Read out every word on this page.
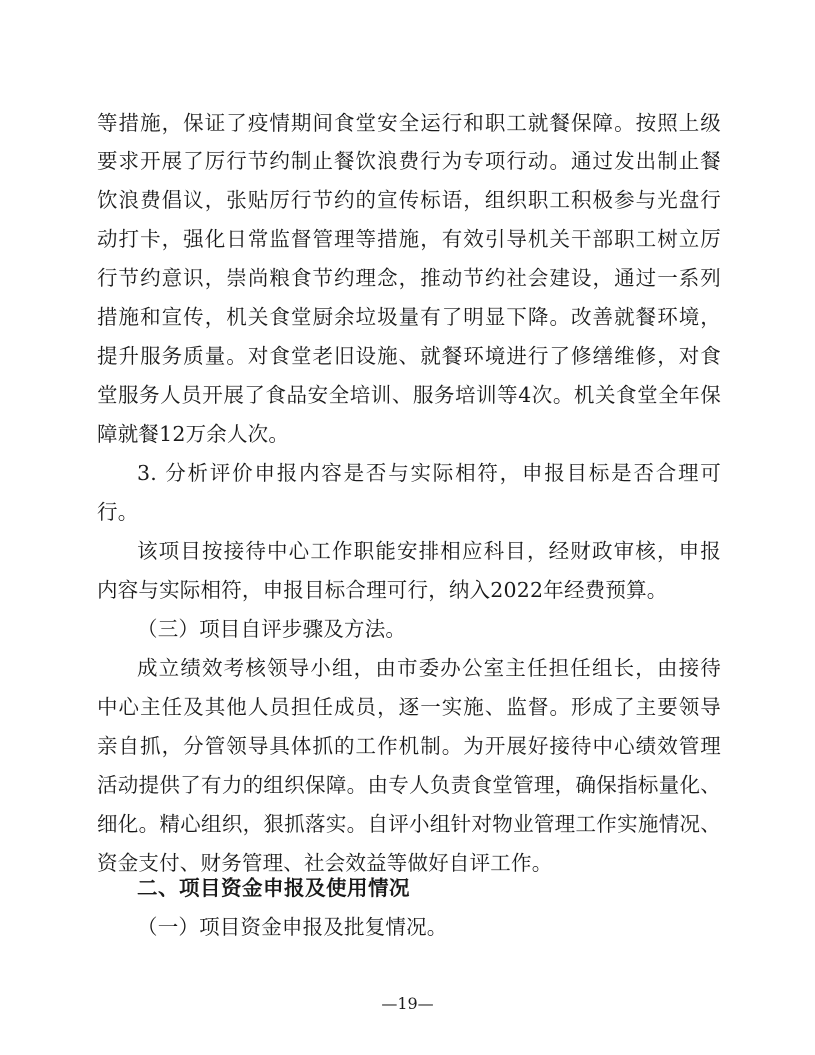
等措施，保证了疫情期间食堂安全运行和职工就餐保障。按照上级
要求开展了厉行节约制止餐饮浪费行为专项行动。通过发出制止餐
饮浪费倡议，张贴厉行节约的宣传标语，组织职工积极参与光盘行
动打卡，强化日常监督管理等措施，有效引导机关干部职工树立厉
行节约意识，崇尚粮食节约理念，推动节约社会建设，通过一系列
措施和宣传，机关食堂厨余垃圾量有了明显下降。改善就餐环境，
提升服务质量。对食堂老旧设施、就餐环境进行了修缮维修，对食
堂服务人员开展了食品安全培训、服务培训等4次。机关食堂全年保
障就餐12万余人次。
3. 分析评价申报内容是否与实际相符，申报目标是否合理可
行。
该项目按接待中心工作职能安排相应科目，经财政审核，申报
内容与实际相符，申报目标合理可行，纳入2022年经费预算。
（三）项目自评步骤及方法。
成立绩效考核领导小组，由市委办公室主任担任组长，由接待
中心主任及其他人员担任成员，逐一实施、监督。形成了主要领导
亲自抓，分管领导具体抓的工作机制。为开展好接待中心绩效管理
活动提供了有力的组织保障。由专人负责食堂管理，确保指标量化、
细化。精心组织，狠抓落实。自评小组针对物业管理工作实施情况、
资金支付、财务管理、社会效益等做好自评工作。
二、项目资金申报及使用情况
（一）项目资金申报及批复情况。
—19—
